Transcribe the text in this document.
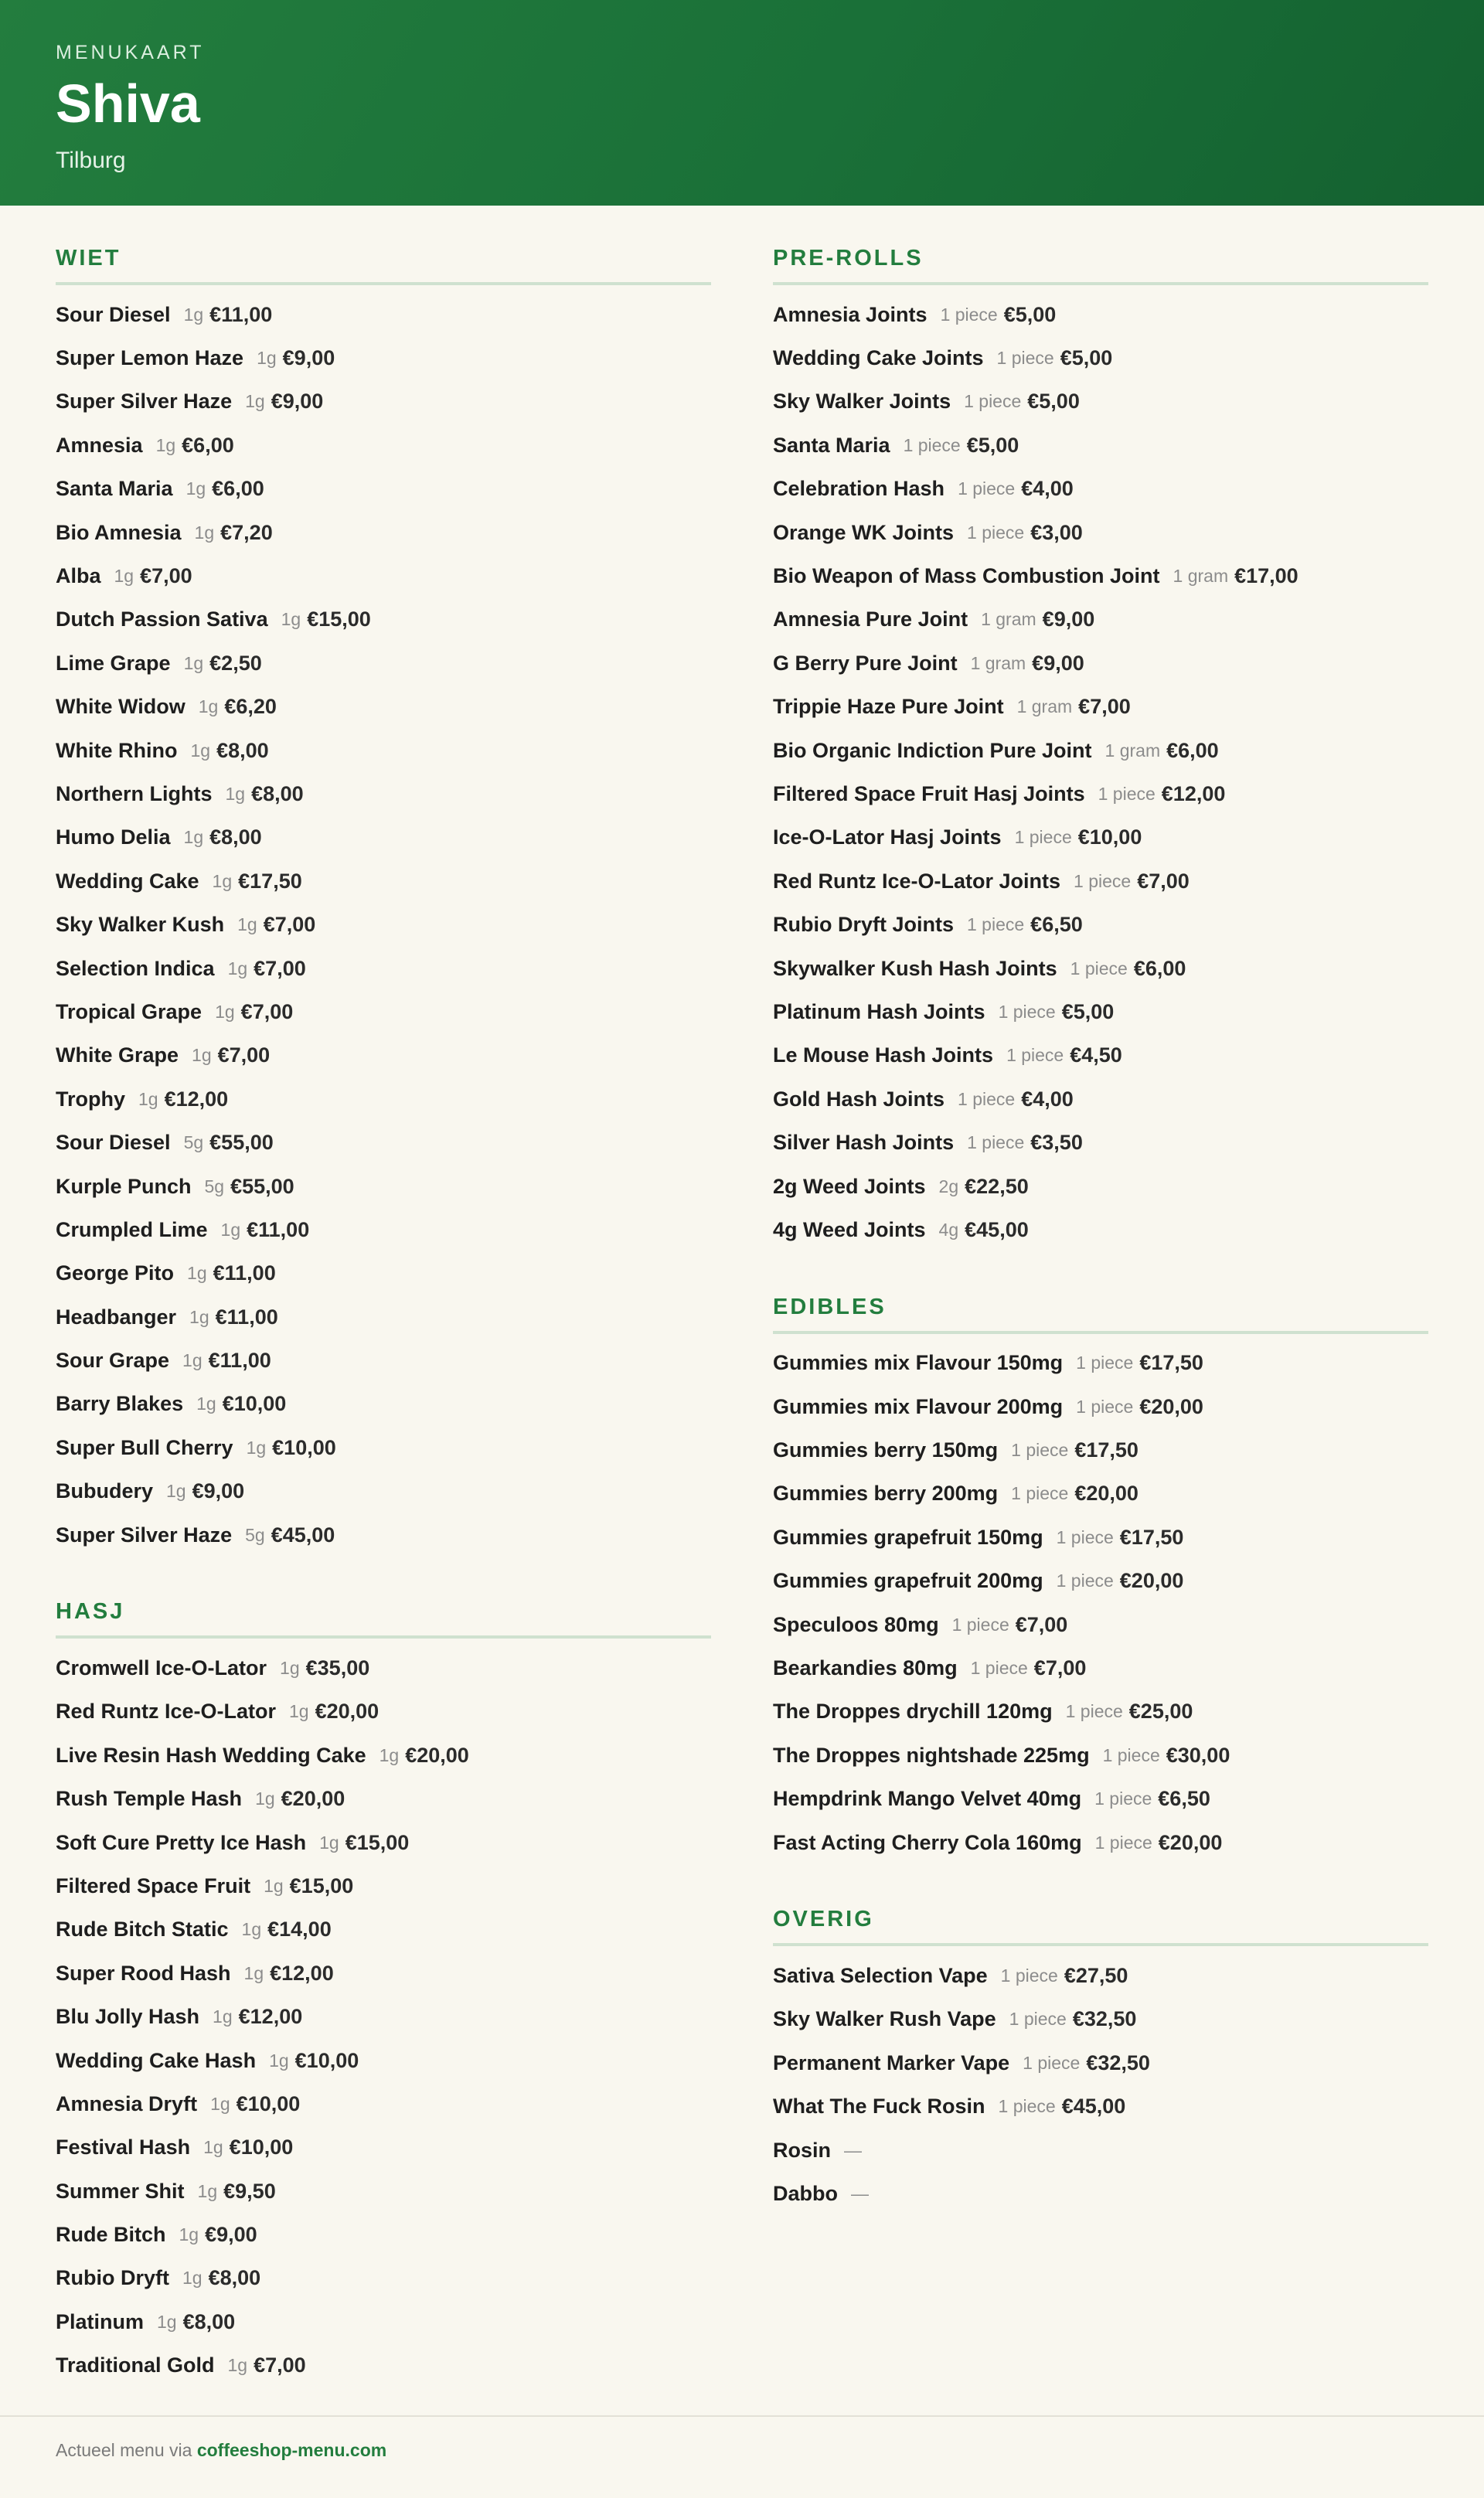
MENUKAART
Shiva
Tilburg
WIET
Sour Diesel 1g €11,00
Super Lemon Haze 1g €9,00
Super Silver Haze 1g €9,00
Amnesia 1g €6,00
Santa Maria 1g €6,00
Bio Amnesia 1g €7,20
Alba 1g €7,00
Dutch Passion Sativa 1g €15,00
Lime Grape 1g €2,50
White Widow 1g €6,20
White Rhino 1g €8,00
Northern Lights 1g €8,00
Humo Delia 1g €8,00
Wedding Cake 1g €17,50
Sky Walker Kush 1g €7,00
Selection Indica 1g €7,00
Tropical Grape 1g €7,00
White Grape 1g €7,00
Trophy 1g €12,00
Sour Diesel 5g €55,00
Kurple Punch 5g €55,00
Crumpled Lime 1g €11,00
George Pito 1g €11,00
Headbanger 1g €11,00
Sour Grape 1g €11,00
Barry Blakes 1g €10,00
Super Bull Cherry 1g €10,00
Bubudery 1g €9,00
Super Silver Haze 5g €45,00
HASJ
Cromwell Ice-O-Lator 1g €35,00
Red Runtz Ice-O-Lator 1g €20,00
Live Resin Hash Wedding Cake 1g €20,00
Rush Temple Hash 1g €20,00
Soft Cure Pretty Ice Hash 1g €15,00
Filtered Space Fruit 1g €15,00
Rude Bitch Static 1g €14,00
Super Rood Hash 1g €12,00
Blu Jolly Hash 1g €12,00
Wedding Cake Hash 1g €10,00
Amnesia Dryft 1g €10,00
Festival Hash 1g €10,00
Summer Shit 1g €9,50
Rude Bitch 1g €9,00
Rubio Dryft 1g €8,00
Platinum 1g €8,00
Traditional Gold 1g €7,00
PRE-ROLLS
Amnesia Joints 1 piece €5,00
Wedding Cake Joints 1 piece €5,00
Sky Walker Joints 1 piece €5,00
Santa Maria 1 piece €5,00
Celebration Hash 1 piece €4,00
Orange WK Joints 1 piece €3,00
Bio Weapon of Mass Combustion Joint 1 gram €17,00
Amnesia Pure Joint 1 gram €9,00
G Berry Pure Joint 1 gram €9,00
Trippie Haze Pure Joint 1 gram €7,00
Bio Organic Indiction Pure Joint 1 gram €6,00
Filtered Space Fruit Hasj Joints 1 piece €12,00
Ice-O-Lator Hasj Joints 1 piece €10,00
Red Runtz Ice-O-Lator Joints 1 piece €7,00
Rubio Dryft Joints 1 piece €6,50
Skywalker Kush Hash Joints 1 piece €6,00
Platinum Hash Joints 1 piece €5,00
Le Mouse Hash Joints 1 piece €4,50
Gold Hash Joints 1 piece €4,00
Silver Hash Joints 1 piece €3,50
2g Weed Joints 2g €22,50
4g Weed Joints 4g €45,00
EDIBLES
Gummies mix Flavour 150mg 1 piece €17,50
Gummies mix Flavour 200mg 1 piece €20,00
Gummies berry 150mg 1 piece €17,50
Gummies berry 200mg 1 piece €20,00
Gummies grapefruit 150mg 1 piece €17,50
Gummies grapefruit 200mg 1 piece €20,00
Speculoos 80mg 1 piece €7,00
Bearkandies 80mg 1 piece €7,00
The Droppes drychill 120mg 1 piece €25,00
The Droppes nightshade 225mg 1 piece €30,00
Hempdrink Mango Velvet 40mg 1 piece €6,50
Fast Acting Cherry Cola 160mg 1 piece €20,00
OVERIG
Sativa Selection Vape 1 piece €27,50
Sky Walker Rush Vape 1 piece €32,50
Permanent Marker Vape 1 piece €32,50
What The Fuck Rosin 1 piece €45,00
Rosin —
Dabbo —
Actueel menu via coffeeshop-menu.com
